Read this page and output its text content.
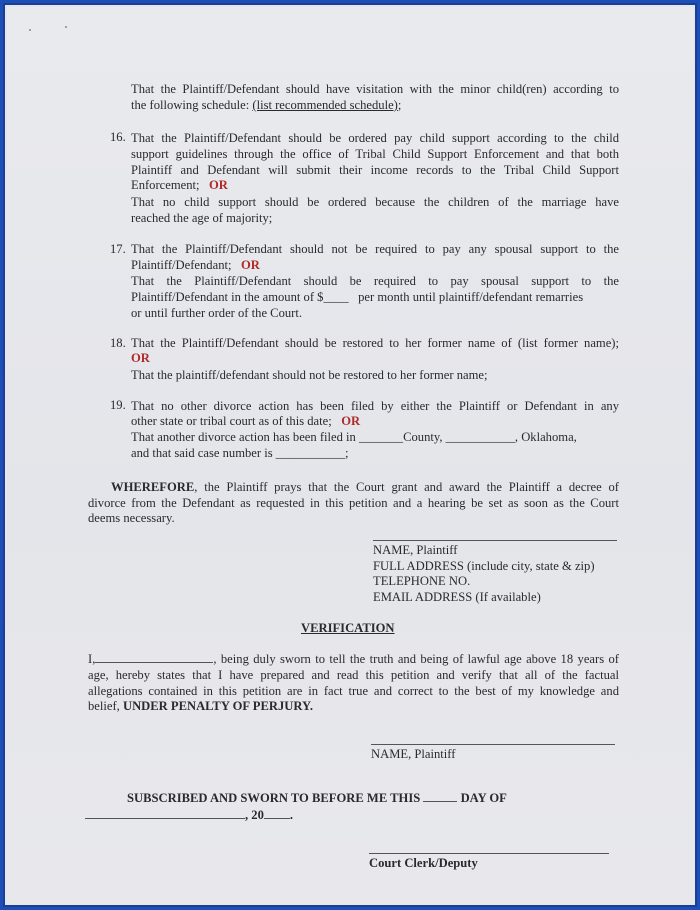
That the Plaintiff/Defendant should have visitation with the minor child(ren) according to
the following schedule: (list recommended schedule);
16. That the Plaintiff/Defendant should be ordered pay child support according to the child
support guidelines through the office of Tribal Child Support Enforcement and that both
Plaintiff and Defendant will submit their income records to the Tribal Child Support
Enforcement; OR
That no child support should be ordered because the children of the marriage have
reached the age of majority;
17. That the Plaintiff/Defendant should not be required to pay any spousal support to the
Plaintiff/Defendant; OR
That the Plaintiff/Defendant should be required to pay spousal support to the
Plaintiff/Defendant in the amount of $____ per month until plaintiff/defendant remarries
or until further order of the Court.
18. That the Plaintiff/Defendant should be restored to her former name of (list former name);
OR
That the plaintiff/defendant should not be restored to her former name;
19. That no other divorce action has been filed by either the Plaintiff or Defendant in any
other state or tribal court as of this date; OR
That another divorce action has been filed in _______County, ___________, Oklahoma,
and that said case number is ___________;
WHEREFORE, the Plaintiff prays that the Court grant and award the Plaintiff a decree of
divorce from the Defendant as requested in this petition and a hearing be set as soon as the Court
deems necessary.
NAME, Plaintiff
FULL ADDRESS (include city, state & zip)
TELEPHONE NO.
EMAIL ADDRESS (If available)
VERIFICATION
I,	, being duly sworn to tell the truth and being of lawful age above 18 years of
age, hereby states that I have prepared and read this petition and verify that all of the factual
allegations contained in this petition are in fact true and correct to the best of my knowledge and
belief, UNDER PENALTY OF PERJURY.
NAME, Plaintiff
SUBSCRIBED AND SWORN TO BEFORE ME THIS	DAY OF
, 20 .
Court Clerk/Deputy
